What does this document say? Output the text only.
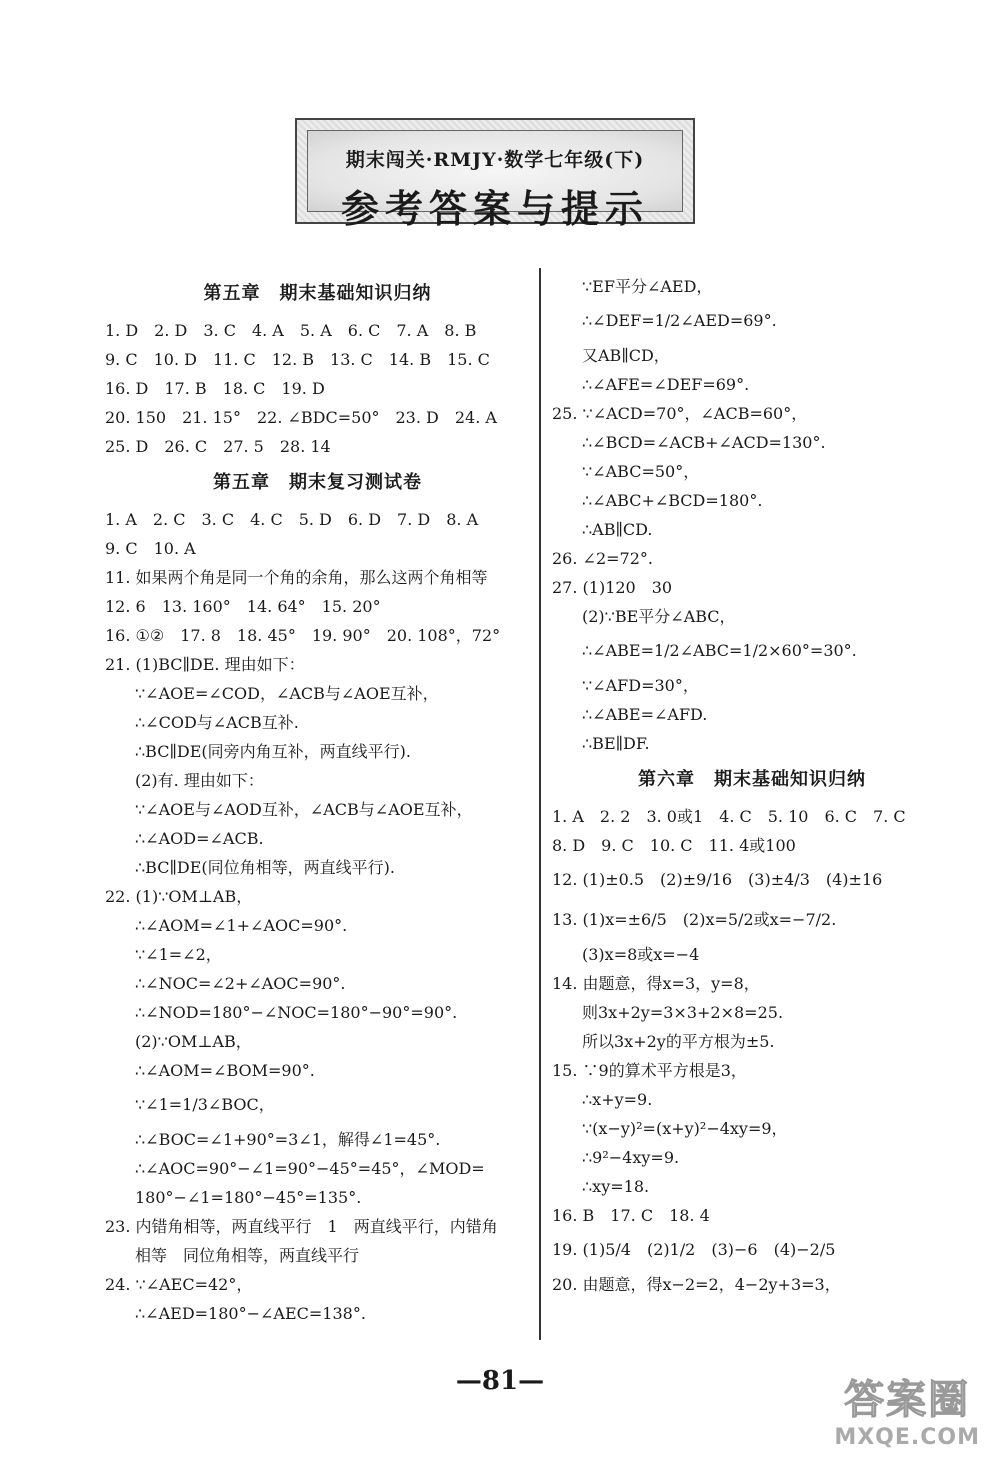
期末闯关·RMJY·数学七年级(下)
参考答案与提示
第五章　期末基础知识归纳
1. D　2. D　3. C　4. A　5. A　6. C　7. A　8. B
9. C　10. D　11. C　12. B　13. C　14. B　15. C
16. D　17. B　18. C　19. D
20. 150　21. 15°　22. ∠BDC=50°　23. D　24. A
25. D　26. C　27. 5　28. 14
第五章　期末复习测试卷
1. A　2. C　3. C　4. C　5. D　6. D　7. D　8. A
9. C　10. A
11. 如果两个角是同一个角的余角，那么这两个角相等
12. 6　13. 160°　14. 64°　15. 20°
16. ①②　17. 8　18. 45°　19. 90°　20. 108°，72°
21. (1)BC∥DE. 理由如下：
∵∠AOE=∠COD，∠ACB与∠AOE互补，
∴∠COD与∠ACB互补.
∴BC∥DE(同旁内角互补，两直线平行).
(2)有. 理由如下：
∵∠AOE与∠AOD互补，∠ACB与∠AOE互补，
∴∠AOD=∠ACB.
∴BC∥DE(同位角相等，两直线平行).
22. (1)∵OM⊥AB，
∴∠AOM=∠1+∠AOC=90°.
∵∠1=∠2，
∴∠NOC=∠2+∠AOC=90°.
∴∠NOD=180°−∠NOC=180°−90°=90°.
(2)∵OM⊥AB，
∴∠AOM=∠BOM=90°.
∵∠1=1/3∠BOC，
∴∠BOC=∠1+90°=3∠1，解得∠1=45°.
∴∠AOC=90°−∠1=90°−45°=45°，∠MOD=
180°−∠1=180°−45°=135°.
23. 内错角相等，两直线平行　1　两直线平行，内错角
相等　同位角相等，两直线平行
24. ∵∠AEC=42°，
∴∠AED=180°−∠AEC=138°.
∵EF平分∠AED，
∴∠DEF=1/2∠AED=69°.
又AB∥CD，
∴∠AFE=∠DEF=69°.
25. ∵∠ACD=70°，∠ACB=60°，
∴∠BCD=∠ACB+∠ACD=130°.
∵∠ABC=50°，
∴∠ABC+∠BCD=180°.
∴AB∥CD.
26. ∠2=72°.
27. (1)120　30
(2)∵BE平分∠ABC，
∴∠ABE=1/2∠ABC=1/2×60°=30°.
∵∠AFD=30°，
∴∠ABE=∠AFD.
∴BE∥DF.
第六章　期末基础知识归纳
1. A　2. 2　3. 0或1　4. C　5. 10　6. C　7. C
8. D　9. C　10. C　11. 4或100
12. (1)±0.5　(2)±9/16　(3)±4/3　(4)±16
13. (1)x=±6/5　(2)x=5/2或x=−7/2.
(3)x=8或x=−4
14. 由题意，得x=3，y=8，
则3x+2y=3×3+2×8=25.
所以3x+2y的平方根为±5.
15. ∵9的算术平方根是3，
∴x+y=9.
∵(x−y)²=(x+y)²−4xy=9，
∴9²−4xy=9.
∴xy=18.
16. B　17. C　18. 4
19. (1)5/4　(2)1/2　(3)−6　(4)−2/5
20. 由题意，得x−2=2，4−2y+3=3，
—81—	答案圈
MXQE.COM
